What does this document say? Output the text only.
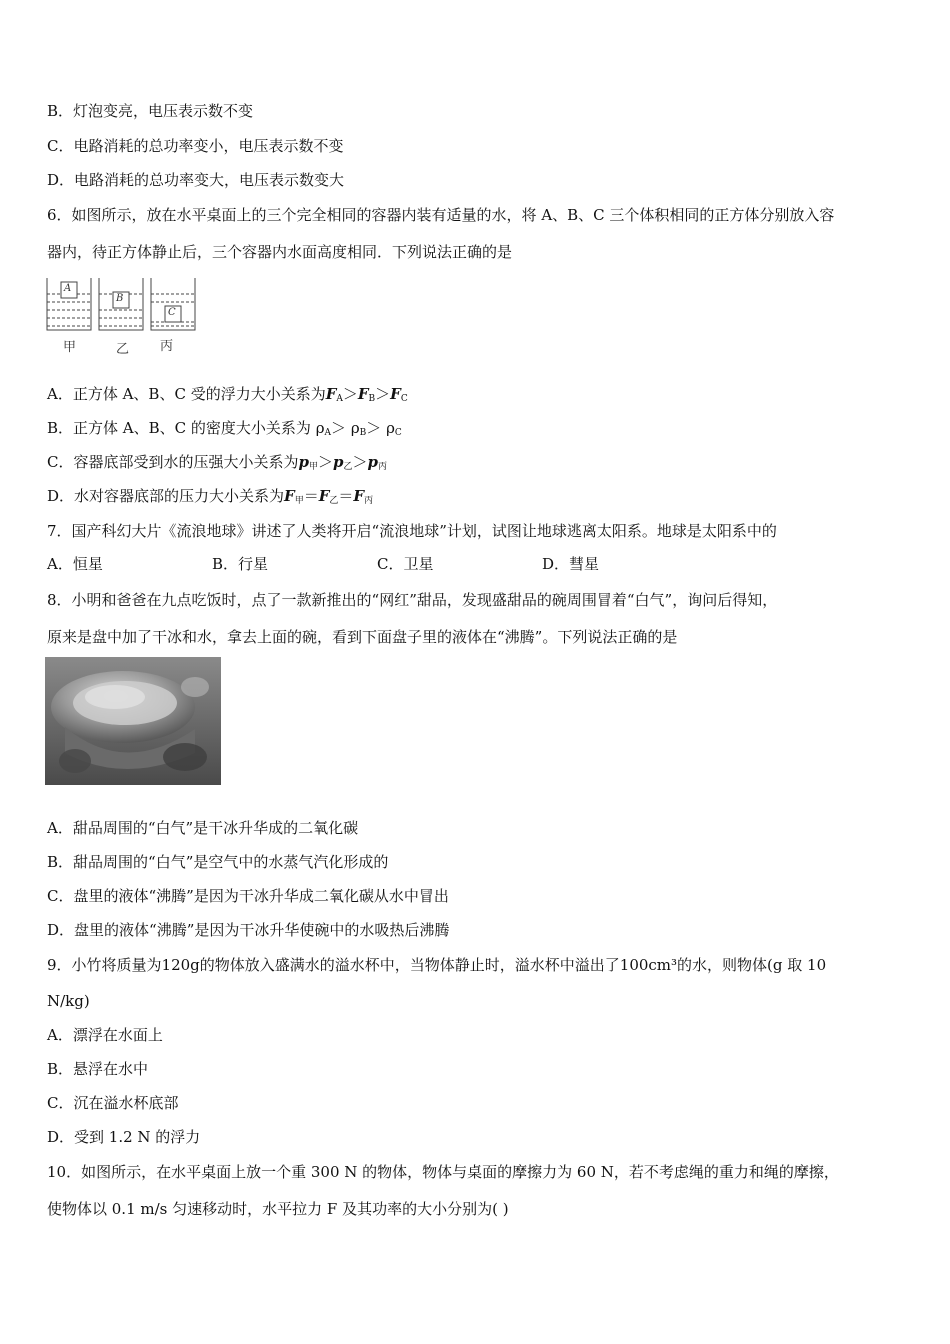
B．灯泡变亮，电压表示数不变
C．电路消耗的总功率变小，电压表示数不变
D．电路消耗的总功率变大，电压表示数变大
6．如图所示，放在水平桌面上的三个完全相同的容器内装有适量的水，将 A、B、C 三个体积相同的正方体分别放入容
器内，待正方体静止后，三个容器内水面高度相同．下列说法正确的是
A
B
C
甲	乙 丙
A．正方体 A、B、C 受的浮力大小关系为$F_A>F_B>F_C$
B．正方体 A、B、C 的密度大小关系为 $\rho_A> \rho_B> \rho_C$
C．容器底部受到水的压强大小关系为$p_甲>p_乙>p_丙$
D．水对容器底部的压力大小关系为$F_甲=F_乙=F_丙$
7．国产科幻大片《流浪地球》讲述了人类将开启“流浪地球”计划，试图让地球逃离太阳系。地球是太阳系中的
A．恒星	B．行星	C．卫星	D．彗星
8．小明和爸爸在九点吃饭时，点了一款新推出的“网红”甜品，发现盛甜品的碗周围冒着“白气”，询问后得知，
原来是盘中加了干冰和水，拿去上面的碗，看到下面盘子里的液体在“沸腾”。下列说法正确的是
A．甜品周围的“白气”是干冰升华成的二氧化碳
B．甜品周围的“白气”是空气中的水蒸气汽化形成的
C．盘里的液体“沸腾”是因为干冰升华成二氧化碳从水中冒出
D．盘里的液体“沸腾”是因为干冰升华使碗中的水吸热后沸腾
9．小竹将质量为120g的物体放入盛满水的溢水杯中，当物体静止时，溢水杯中溢出了100cm³的水，则物体(g 取 10
N/kg)
A．漂浮在水面上
B．悬浮在水中
C．沉在溢水杯底部
D．受到 1.2 N 的浮力
10．如图所示，在水平桌面上放一个重 300 N 的物体，物体与桌面的摩擦力为 60 N，若不考虑绳的重力和绳的摩擦，
使物体以 0.1 m/s 匀速移动时，水平拉力 F 及其功率的大小分别为( )
